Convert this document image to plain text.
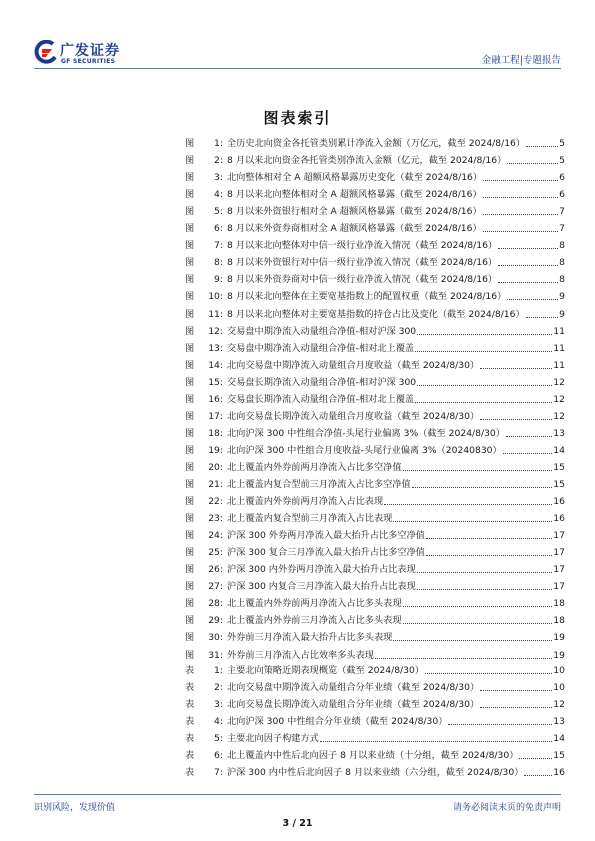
广发证券
GF SECURITIES	金融工程|专题报告
图表索引
图	1: 全历史北向资金各托管类别累计净流入金额（万亿元，截至 2024/8/16）	5
图	2: 8 月以来北向资金各托管类别净流入金额（亿元，截至 2024/8/16）	5
图	3: 北向整体相对全 A 超额风格暴露历史变化（截至 2024/8/16）	6
图	4: 8 月以来北向整体相对全 A 超额风格暴露（截至 2024/8/16）	6
图	5: 8 月以来外资银行相对全 A 超额风格暴露（截至 2024/8/16）	7
图	6: 8 月以来外资券商相对全 A 超额风格暴露（截至 2024/8/16）	7
图	7: 8 月以来北向整体对中信一级行业净流入情况（截至 2024/8/16）	8
图	8: 8 月以来外资银行对中信一级行业净流入情况（截至 2024/8/16）	8
图	9: 8 月以来外资券商对中信一级行业净流入情况（截至 2024/8/16）	8
图	10: 8 月以来北向整体在主要宽基指数上的配置权重（截至 2024/8/16）	9
图	11: 8 月以来北向整体对主要宽基指数的持仓占比及变化（截至 2024/8/16）	9
图	12: 交易盘中期净流入动量组合净值-相对沪深 300	11
图	13: 交易盘中期净流入动量组合净值-相对北上覆盖	11
图	14: 北向交易盘中期净流入动量组合月度收益（截至 2024/8/30）	11
图	15: 交易盘长期净流入动量组合净值-相对沪深 300	12
图	16: 交易盘长期净流入动量组合净值-相对北上覆盖	12
图	17: 北向交易盘长期净流入动量组合月度收益（截至 2024/8/30）	12
图	18: 北向沪深 300 中性组合净值-头尾行业偏离 3%（截至 2024/8/30）	13
图	19: 北向沪深 300 中性组合月度收益-头尾行业偏离 3%（20240830）	14
图	20: 北上覆盖内外券前两月净流入占比多空净值	15
图	21: 北上覆盖内复合型前三月净流入占比多空净值	15
图	22: 北上覆盖内外券前两月净流入占比表现	16
图	23: 北上覆盖内复合型前三月净流入占比表现	16
图	24: 沪深 300 外券两月净流入最大抬升占比多空净值	17
图	25: 沪深 300 复合三月净流入最大抬升占比多空净值	17
图	26: 沪深 300 内外券两月净流入最大抬升占比表现	17
图	27: 沪深 300 内复合三月净流入最大抬升占比表现	17
图	28: 北上覆盖内外券前两月净流入占比多头表现	18
图	29: 北上覆盖内外券前三月净流入占比多头表现	18
图	30: 外券前三月净流入最大抬升占比多头表现	19
图	31: 外券前三月净流入占比效率多头表现	19
表	1: 主要北向策略近期表现概览（截至 2024/8/30）	10
表	2: 北向交易盘中期净流入动量组合分年业绩（截至 2024/8/30）	10
表	3: 北向交易盘长期净流入动量组合分年业绩（截至 2024/8/30）	12
表	4: 北向沪深 300 中性组合分年业绩（截至 2024/8/30）	13
表	5: 主要北向因子构建方式	14
表	6: 北上覆盖内中性后北向因子 8 月以来业绩（十分组，截至 2024/8/30）	15
表	7: 沪深 300 内中性后北向因子 8 月以来业绩（六分组，截至 2024/8/30）	16
识别风险，发现价值	请务必阅读末页的免责声明
3 / 21
